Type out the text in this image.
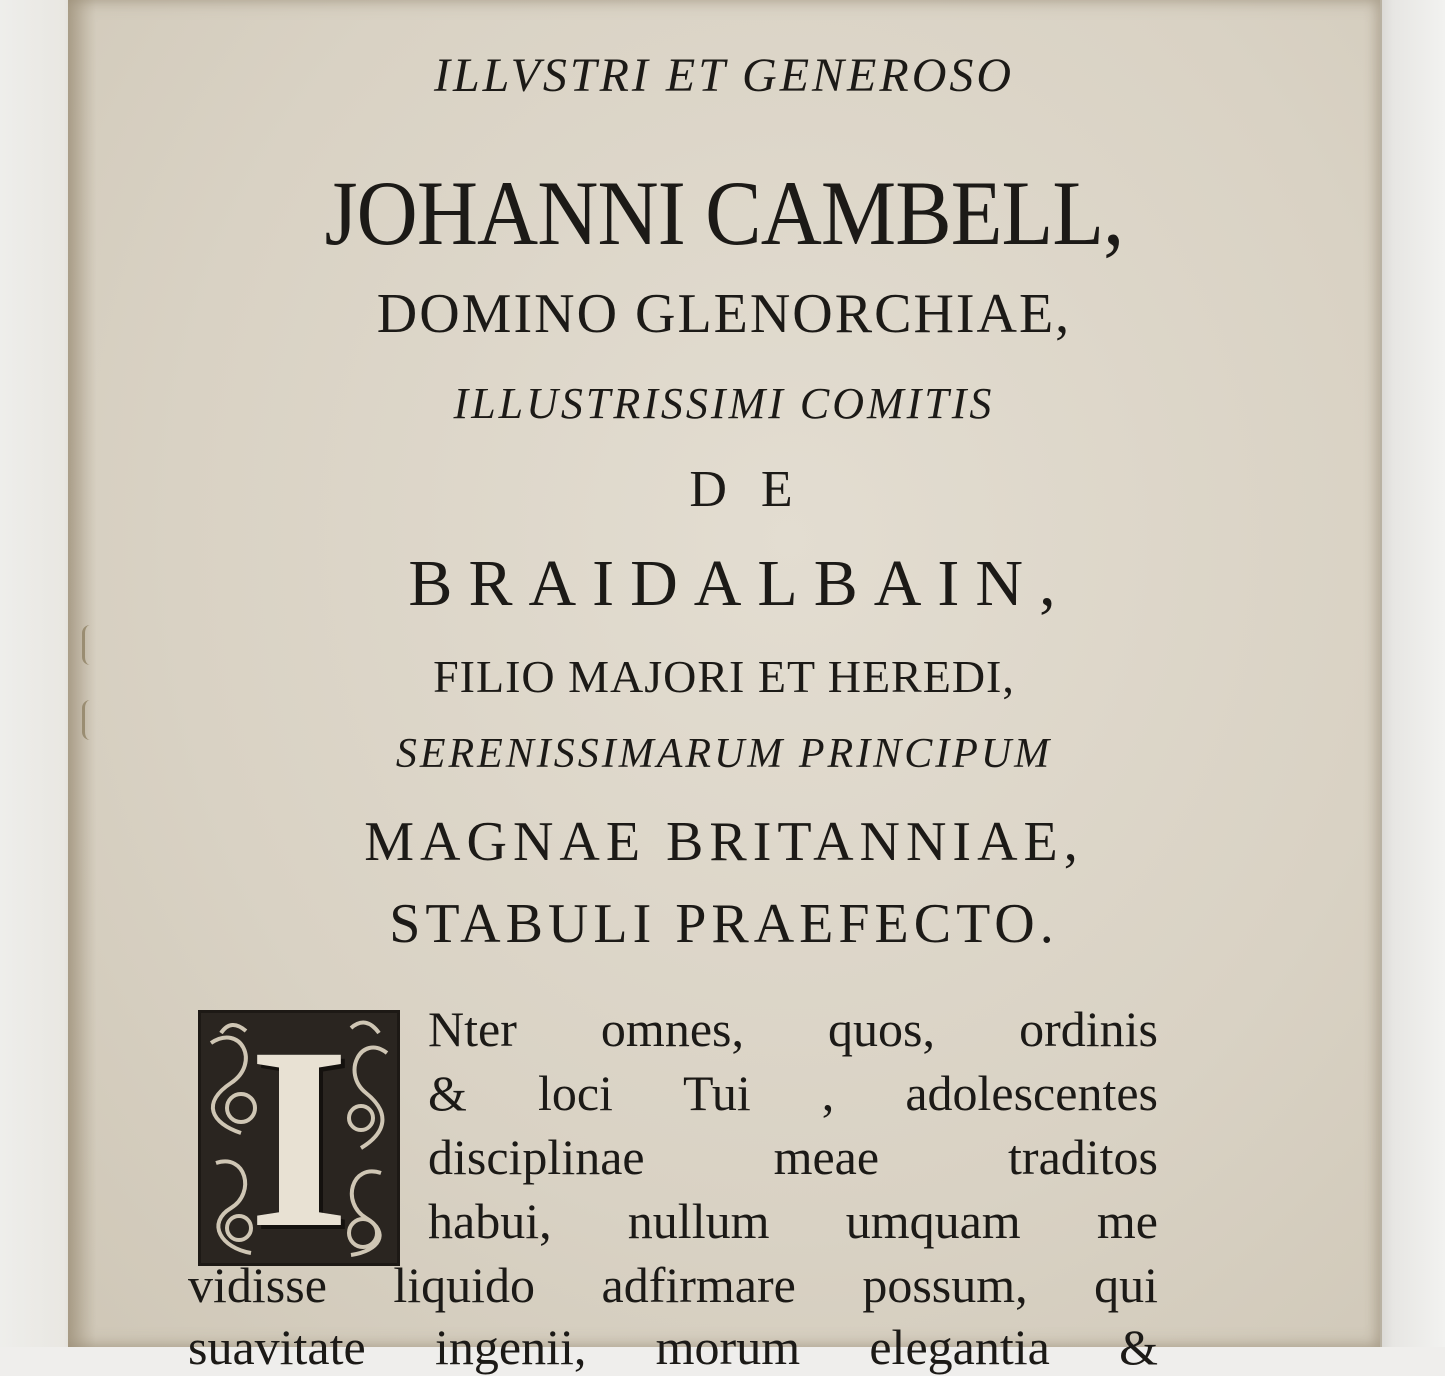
ILLVSTRI ET GENEROSO
JOHANNI CAMBELL,
DOMINO GLENORCHIAE,
ILLUSTRISSIMI COMITIS
DE
BRAIDALBAIN,
FILIO MAJORI ET HEREDI,
SERENISSIMARUM PRINCIPUM
MAGNAE BRITANNIAE,
STABULI PRAEFECTO.
I	Nter omnes, quos, ordinis
& loci Tui , adolescentes
disciplinae meae traditos
habui, nullum umquam me
vidisse liquido adfirmare possum, qui
suavitate ingenii, morum elegantia &
